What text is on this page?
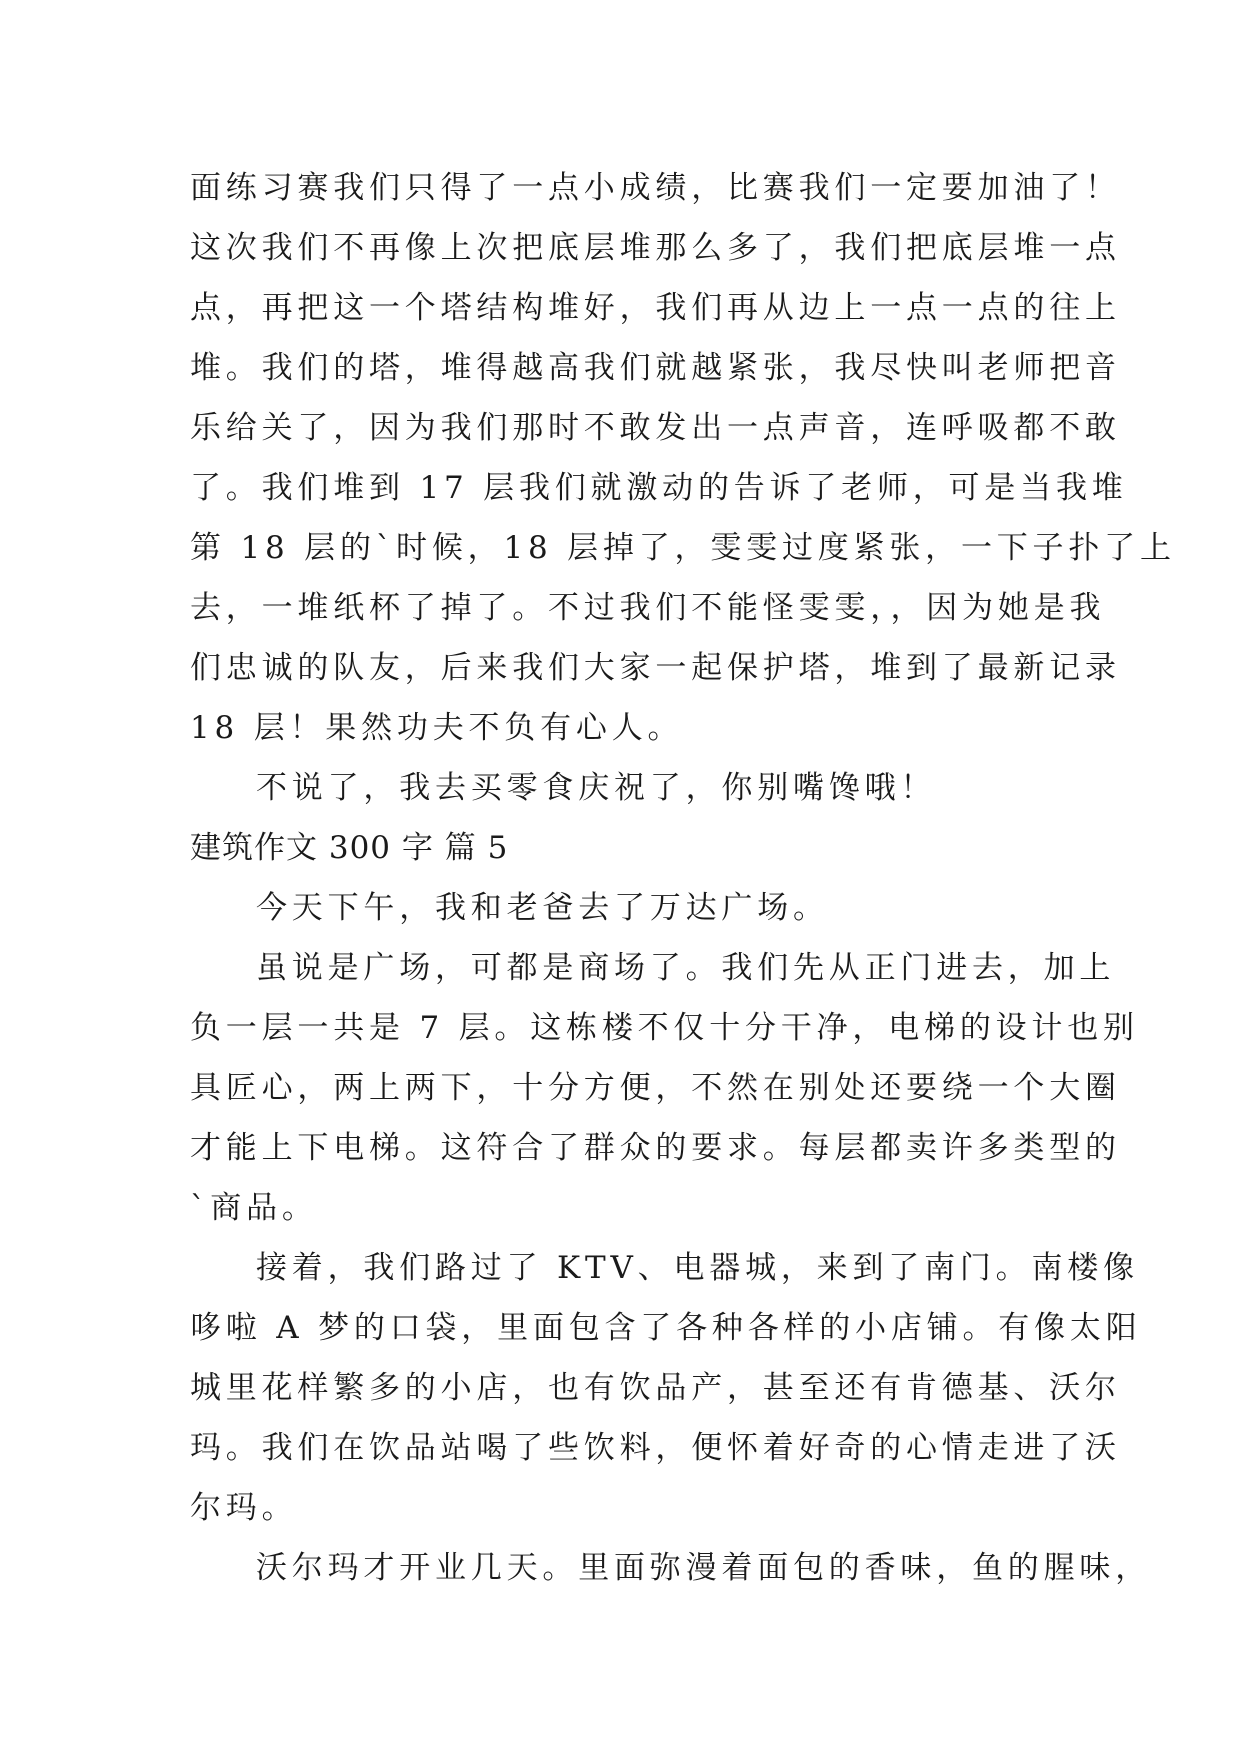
面练习赛我们只得了一点小成绩，比赛我们一定要加油了！
这次我们不再像上次把底层堆那么多了，我们把底层堆一点
点，再把这一个塔结构堆好，我们再从边上一点一点的往上
堆。我们的塔，堆得越高我们就越紧张，我尽快叫老师把音
乐给关了，因为我们那时不敢发出一点声音，连呼吸都不敢
了。我们堆到 17 层我们就激动的告诉了老师，可是当我堆
第 18 层的`时候，18 层掉了，雯雯过度紧张，一下子扑了上
去，一堆纸杯了掉了。不过我们不能怪雯雯，，因为她是我
们忠诚的队友，后来我们大家一起保护塔，堆到了最新记录
18 层！果然功夫不负有心人。
不说了，我去买零食庆祝了，你别嘴馋哦！
建筑作文 300 字 篇 5
今天下午，我和老爸去了万达广场。
虽说是广场，可都是商场了。我们先从正门进去，加上
负一层一共是 7 层。这栋楼不仅十分干净，电梯的设计也别
具匠心，两上两下，十分方便，不然在别处还要绕一个大圈
才能上下电梯。这符合了群众的要求。每层都卖许多类型的
`商品。
接着，我们路过了 KTV、电器城，来到了南门。南楼像
哆啦 A 梦的口袋，里面包含了各种各样的小店铺。有像太阳
城里花样繁多的小店，也有饮品产，甚至还有肯德基、沃尔
玛。我们在饮品站喝了些饮料，便怀着好奇的心情走进了沃
尔玛。
沃尔玛才开业几天。里面弥漫着面包的香味，鱼的腥味，
